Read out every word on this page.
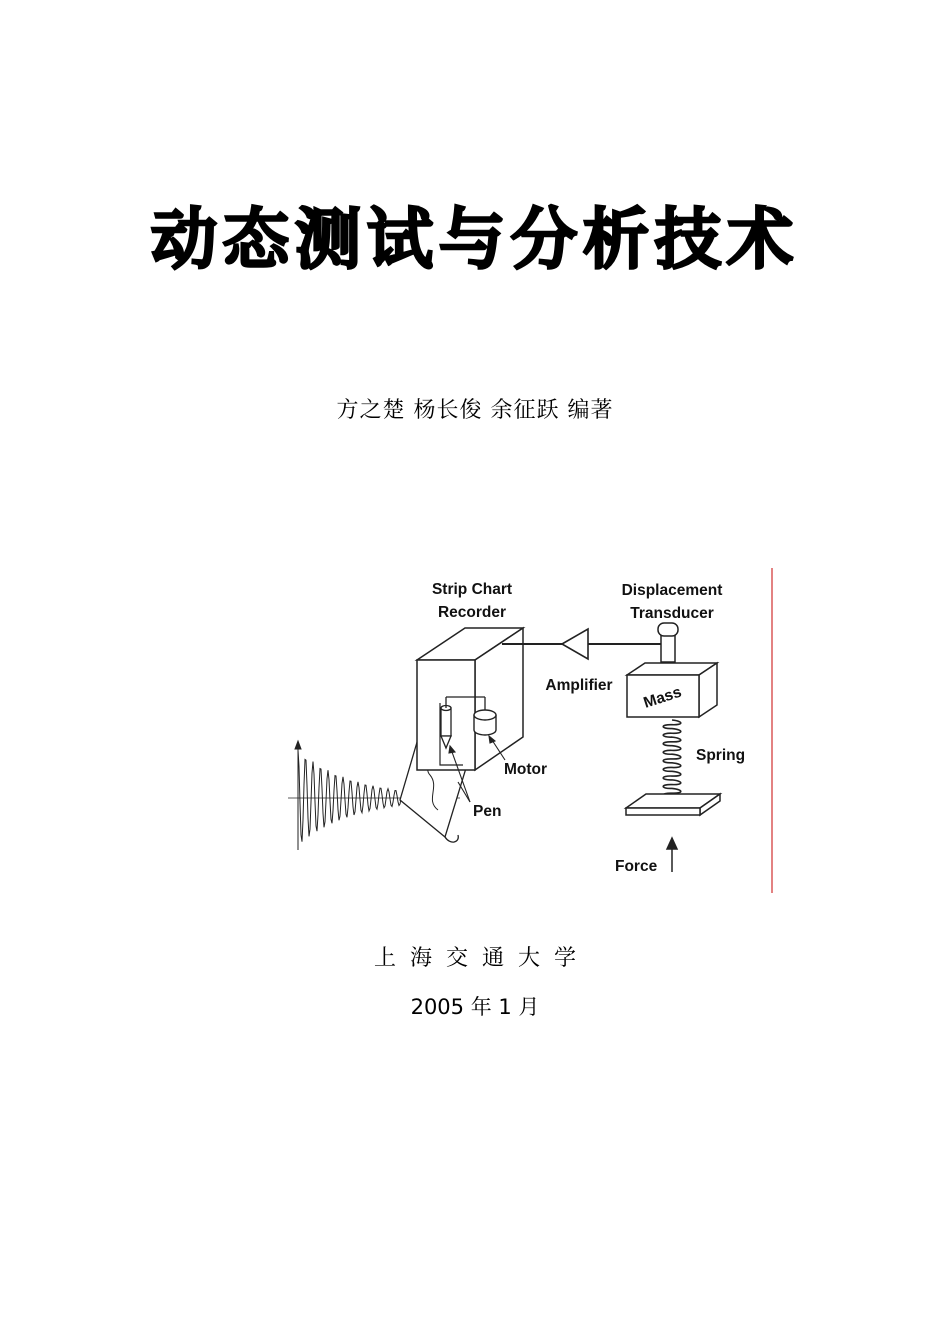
动态测试与分析技术
方之楚 杨长俊 余征跃 编著
Strip Chart
Recorder
Displacement
Transducer
Amplifier Mass
Spring
Motor
Pen
Force
上海交通大学
2005 年 1 月
